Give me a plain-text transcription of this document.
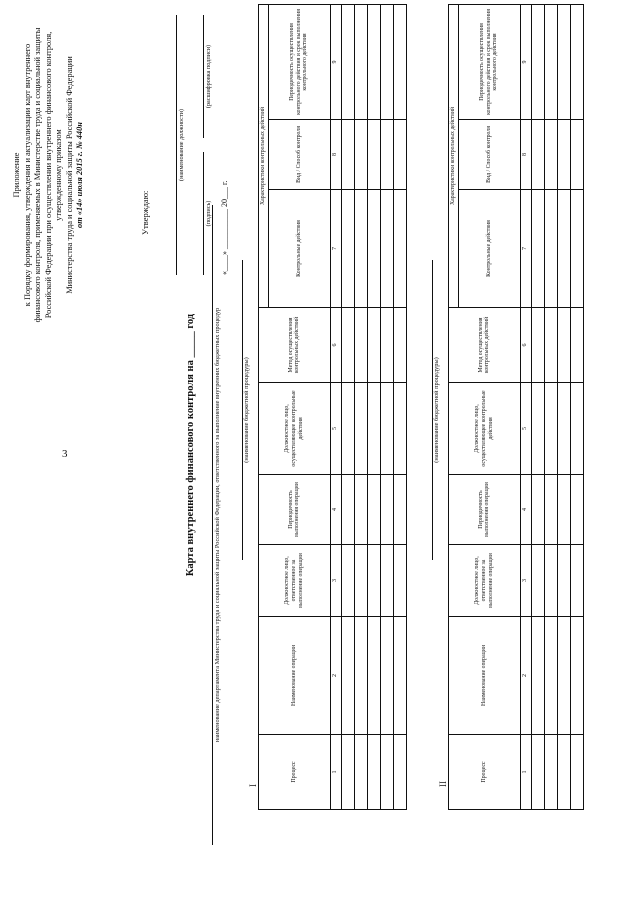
3
Приложение к Порядку формирования, утверждения и актуализации карт внутреннего финансового контроля, применяемых в Министерстве труда и социальной защиты Российской Федерации при осуществлении внутреннего финансового контроля, утвержденному приказом Министерства труда и социальной защиты Российской Федерации от «14» июля 2015 г. № 440н	Утверждаю:
(наименование должности)
(подпись)
(расшифровка подписи)
«____» __________ 20___ г.
Карта внутреннего финансового контроля на _____ год	наименование департамента Министерства труда и социальной защиты Российской Федерации, ответственного за выполнение внутренних бюджетных процедур
I
(наименование бюджетной процедуры)
Процесс	Наименование операции	Должностное лицо, ответственное за выполнение операции	Периодичность выполнения операции	Должностное лицо, осуществляющее контрольные действия	Метод осуществления контрольных действий	Характеристики контрольных действий		
						Контрольные действия	Вид / Способ контроля	Периодичность осуществления контрольного действия и срок выполнения контрольного действия
1	2	3	4	5	6	7	8	9

II
(наименование бюджетной процедуры)
Процесс	Наименование операции	Должностное лицо, ответственное за выполнение операции	Периодичность выполнения операции	Должностное лицо, осуществляющее контрольные действия	Метод осуществления контрольных действий	Характеристики контрольных действий		
						Контрольные действия	Вид / Способ контроля	Периодичность осуществления контрольного действия и срок выполнения контрольного действия
1	2	3	4	5	6	7	8	9
